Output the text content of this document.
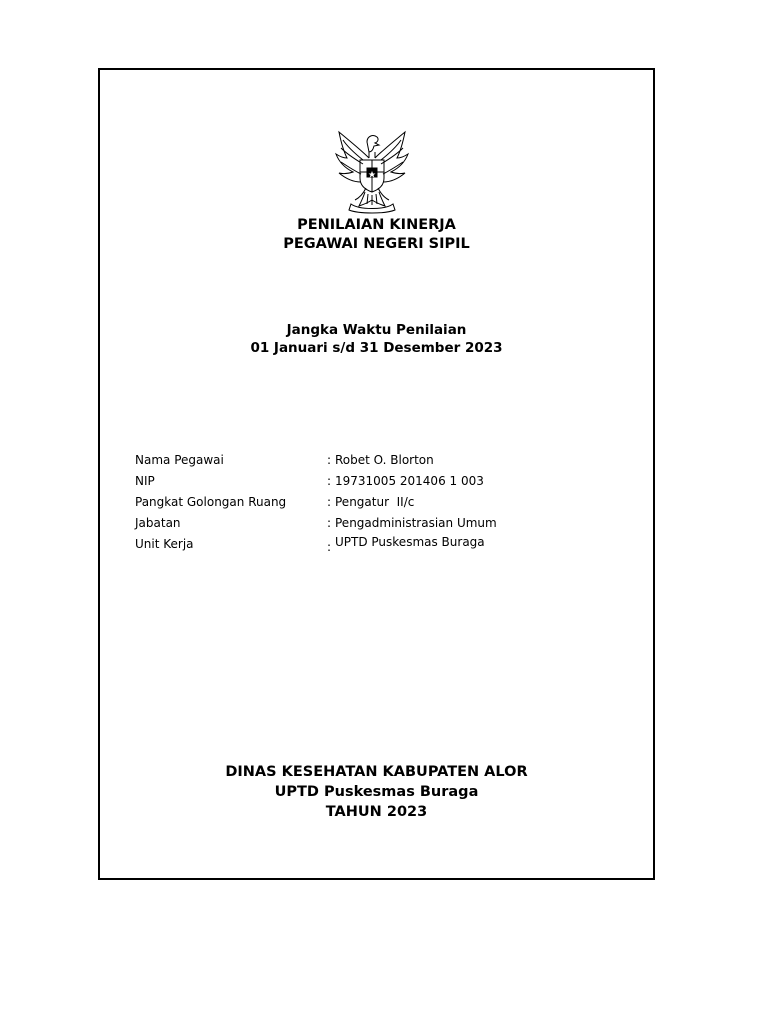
PENILAIAN KINERJA
PEGAWAI NEGERI SIPIL
Jangka Waktu Penilaian
01 Januari s/d 31 Desember 2023
Nama Pegawai	: Robet O. Blorton
NIP	: 19731005 201406 1 003
Pangkat Golongan Ruang	: Pengatur  II/c
Jabatan	: Pengadministrasian Umum
Unit Kerja	: UPTD Puskesmas Buraga
DINAS KESEHATAN KABUPATEN ALOR
UPTD Puskesmas Buraga
TAHUN 2023
